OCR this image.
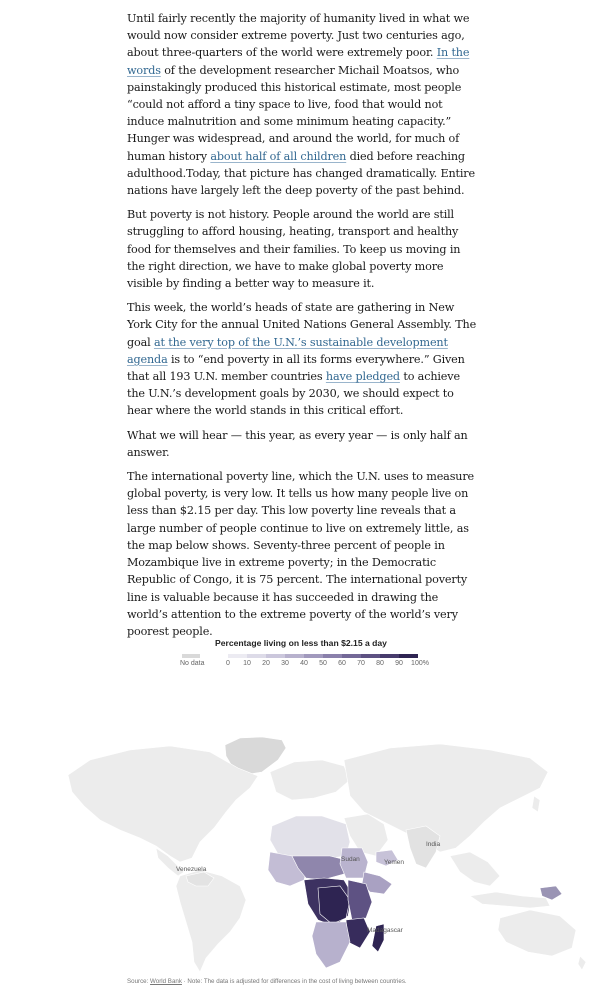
Until fairly recently the majority of humanity lived in what we would now consider extreme poverty. Just two centuries ago, about three-quarters of the world were extremely poor. In the words of the development researcher Michail Moatsos, who painstakingly produced this historical estimate, most people “could not afford a tiny space to live, food that would not induce malnutrition and some minimum heating capacity.” Hunger was widespread, and around the world, for much of human history about half of all children died before reaching adulthood.Today, that picture has changed dramatically. Entire nations have largely left the deep poverty of the past behind.

But poverty is not history. People around the world are still struggling to afford housing, heating, transport and healthy food for themselves and their families. To keep us moving in the right direction, we have to make global poverty more visible by finding a better way to measure it.

This week, the world’s heads of state are gathering in New York City for the annual United Nations General Assembly. The goal at the very top of the U.N.’s sustainable development agenda is to “end poverty in all its forms everywhere.” Given that all 193 U.N. member countries have pledged to achieve the U.N.’s development goals by 2030, we should expect to hear where the world stands in this critical effort.

What we will hear — this year, as every year — is only half an answer.

The international poverty line, which the U.N. uses to measure global poverty, is very low. It tells us how many people live on less than $2.15 per day. This low poverty line reveals that a large number of people continue to live on extremely little, as the map below shows. Seventy-three percent of people in Mozambique live in extreme poverty; in the Democratic Republic of Congo, it is 75 percent. The international poverty line is valuable because it has succeeded in drawing the world’s attention to the extreme poverty of the world’s very poorest people.

Percentage living on less than $2.15 a day
No data	0 10 20 30 40 50 60 70 80 90 100%
Venezuela
Sudan	Yemen
India
Madagascar
Source: World Bank · Note: The data is adjusted for differences in the cost of living between countries.
